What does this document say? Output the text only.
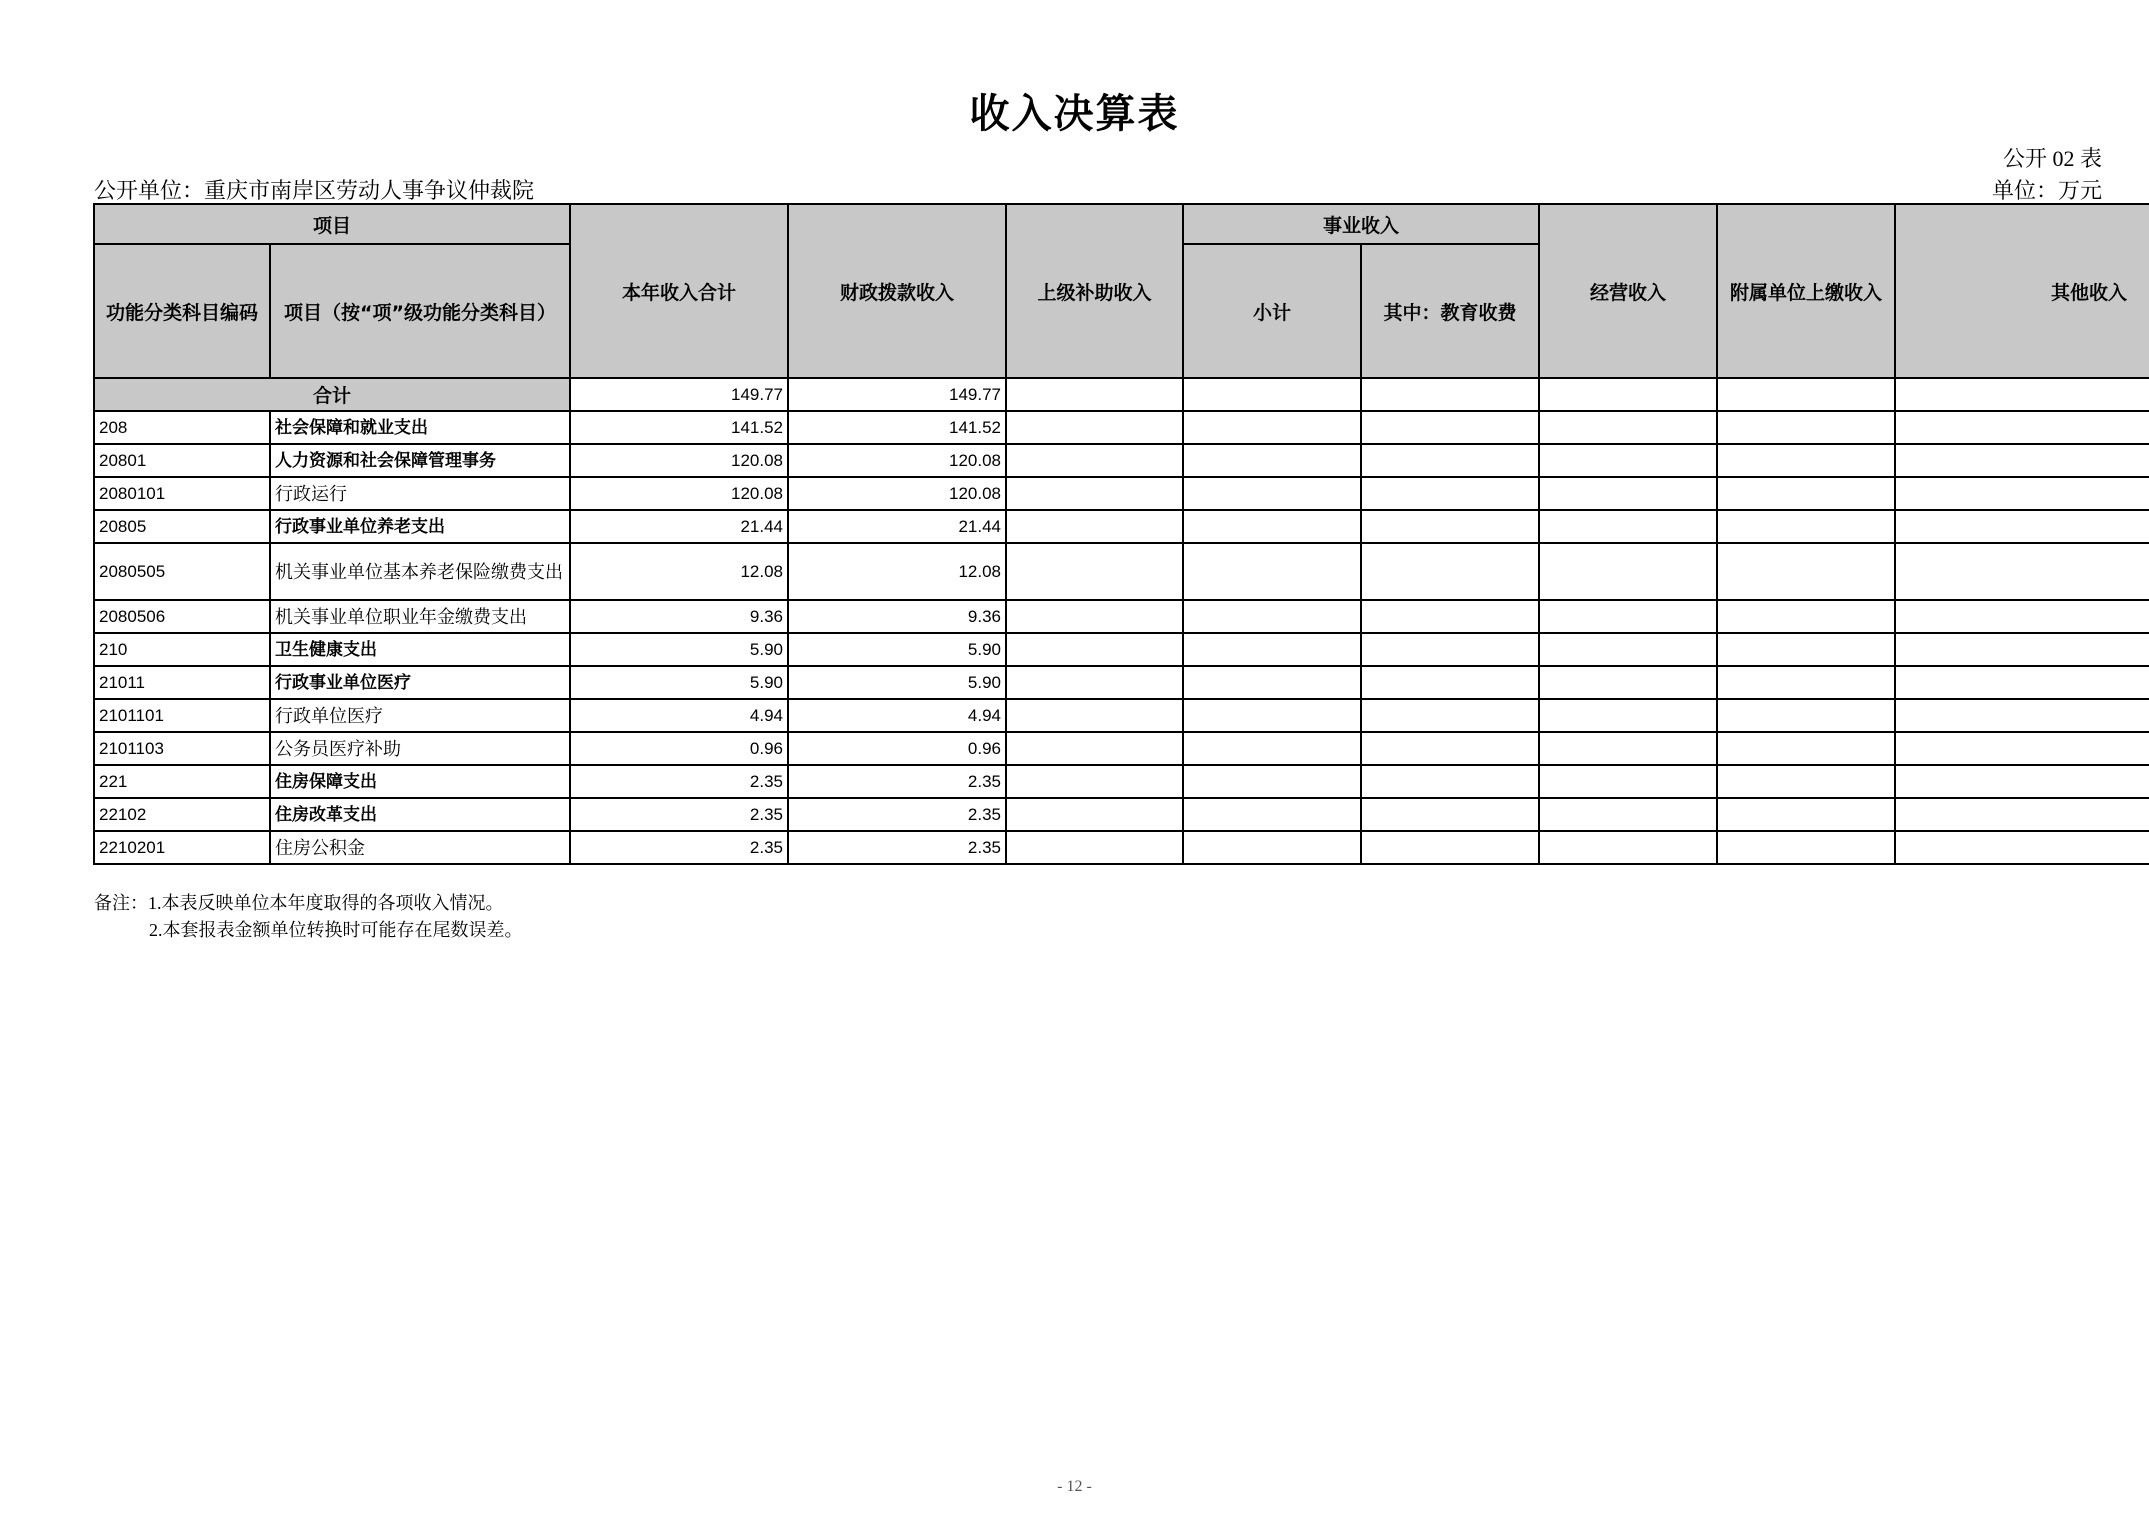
收入决算表
公开 02 表
公开单位：重庆市南岸区劳动人事争议仲裁院	单位：万元
项目		本年收入合计	财政拨款收入	上级补助收入	事业收入		经营收入	附属单位上缴收入	其他收入
功能分类科目编码	项目（按“项”级功能分类科目）				小计	其中：教育收费			
合计		149.77	149.77						
208	社会保障和就业支出	141.52	141.52						
20801	人力资源和社会保障管理事务	120.08	120.08						
2080101	行政运行	120.08	120.08						
20805	行政事业单位养老支出	21.44	21.44						
2080505	机关事业单位基本养老保险缴费支出	12.08	12.08						
2080506	机关事业单位职业年金缴费支出	9.36	9.36						
210	卫生健康支出	5.90	5.90						
21011	行政事业单位医疗	5.90	5.90						
2101101	行政单位医疗	4.94	4.94						
2101103	公务员医疗补助	0.96	0.96						
221	住房保障支出	2.35	2.35						
22102	住房改革支出	2.35	2.35						
2210201	住房公积金	2.35	2.35						
备注：1.本表反映单位本年度取得的各项收入情况。
2.本套报表金额单位转换时可能存在尾数误差。
- 12 -
